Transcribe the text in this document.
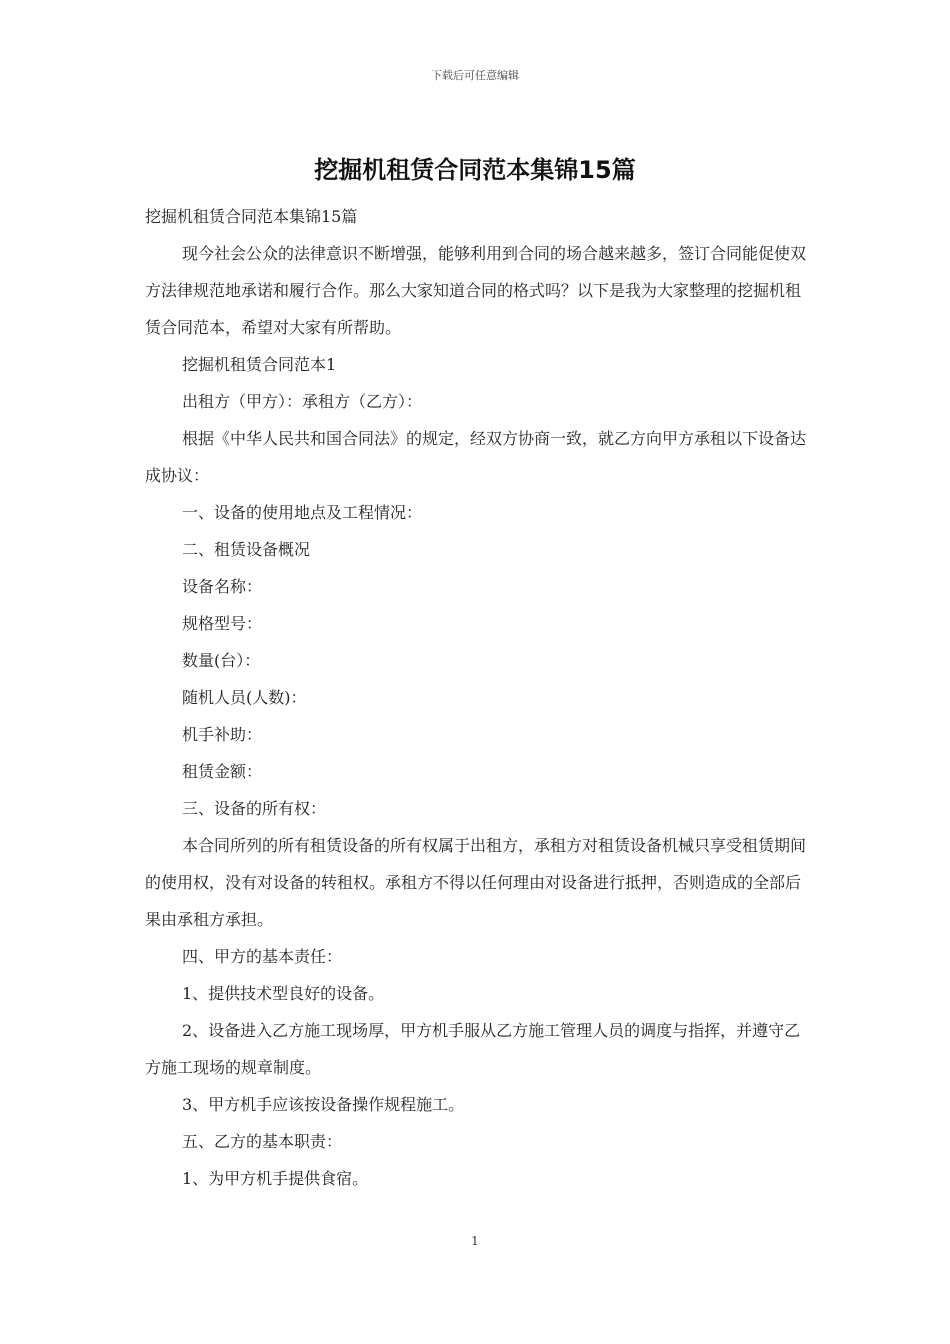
下载后可任意编辑
挖掘机租赁合同范本集锦15篇

挖掘机租赁合同范本集锦15篇

现今社会公众的法律意识不断增强，能够利用到合同的场合越来越多，签订合同能促使双方法律规范地承诺和履行合作。那么大家知道合同的格式吗？以下是我为大家整理的挖掘机租赁合同范本，希望对大家有所帮助。

挖掘机租赁合同范本1

出租方（甲方）：承租方（乙方）：

根据《中华人民共和国合同法》的规定，经双方协商一致，就乙方向甲方承租以下设备达成协议：

一、设备的使用地点及工程情况：

二、租赁设备概况

设备名称：

规格型号：

数量(台）：

随机人员(人数)：

机手补助：

租赁金额：

三、设备的所有权：

本合同所列的所有租赁设备的所有权属于出租方，承租方对租赁设备机械只享受租赁期间的使用权，没有对设备的转租权。承租方不得以任何理由对设备进行抵押，否则造成的全部后果由承租方承担。

四、甲方的基本责任：

1、提供技术型良好的设备。

2、设备进入乙方施工现场厚，甲方机手服从乙方施工管理人员的调度与指挥，并遵守乙方施工现场的规章制度。

3、甲方机手应该按设备操作规程施工。

五、乙方的基本职责：

1、为甲方机手提供食宿。

1
